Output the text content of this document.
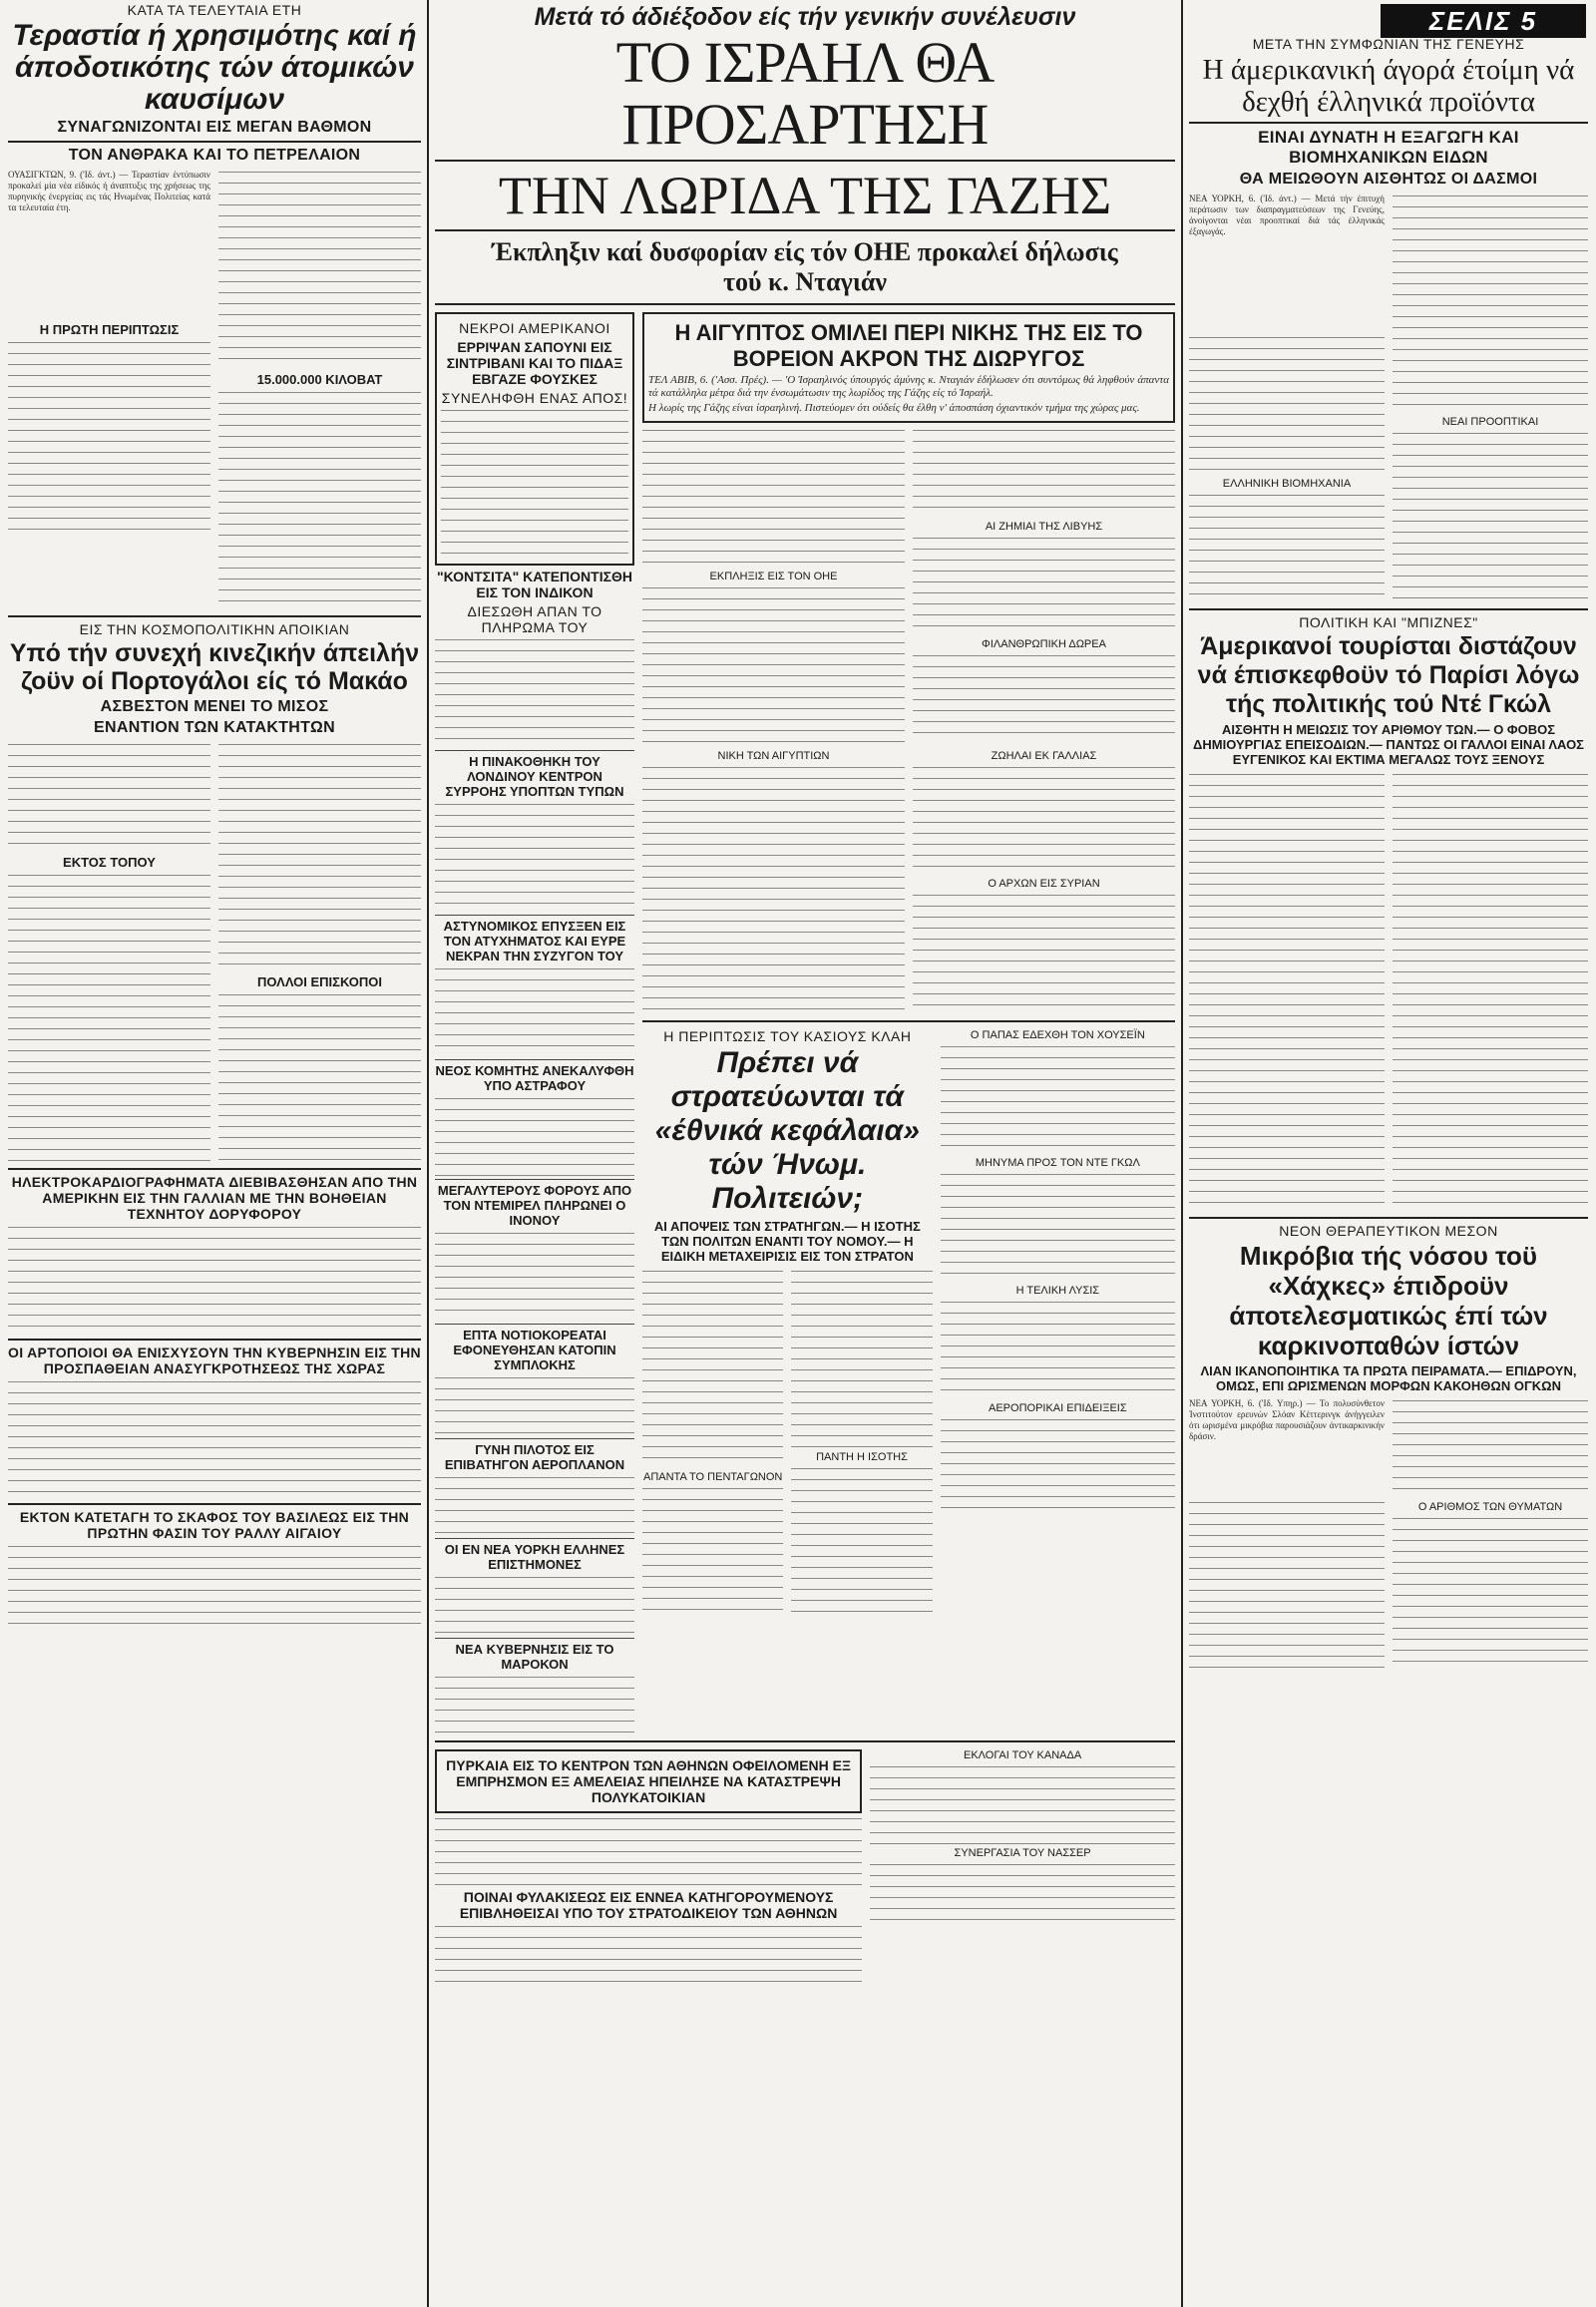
ΣΕΛΙΣ 5
ΚΑΤΑ ΤΑ ΤΕΛΕΥΤΑΙΑ ΕΤΗ
Τεραστία ή χρησιμότης καί ή άποδοτικότης τών άτομικών καυσίμων
ΣΥΝΑΓΩΝΙΖΟΝΤΑΙ ΕΙΣ ΜΕΓΑΝ ΒΑΘΜΟΝ
ΤΟΝ ΑΝΘΡΑΚΑ ΚΑΙ ΤΟ ΠΕΤΡΕΛΑΙΟΝ
ΟΥΑΣΙΓΚΤΩΝ, 9. ('Ιδ. άντ.) — Τεραστίαν έντύπωσιν προκαλεί μία νέα είδικός ή άναπτυξις της χρήσεως της πυρηνικής ένεργείας εις τάς Ηνωμένας Πολιτείας κατά τα τελευταία έτη.
Η ΠΡΩΤΗ ΠΕΡΙΠΤΩΣΙΣ
15.000.000 ΚΙΛΟΒΑΤ
ΕΙΣ ΤΗΝ ΚΟΣΜΟΠΟΛΙΤΙΚΗΝ ΑΠΟΙΚΙΑΝ
Υπό τήν συνεχή κινεζικήν άπειλήν ζοϋν οί Πορτογάλοι είς τό Μακάο
ΑΣΒΕΣΤΟΝ ΜΕΝΕΙ ΤΟ ΜΙΣΟΣ
ΕΝΑΝΤΙΟΝ ΤΩΝ ΚΑΤΑΚΤΗΤΩΝ
ΕΚΤΟΣ ΤΟΠΟΥ
ΠΟΛΛΟΙ ΕΠΙΣΚΟΠΟΙ
ΗΛΕΚΤΡΟΚΑΡΔΙΟΓΡΑΦΗΜΑΤΑ ΔΙΕΒΙΒΑΣΘΗΣΑΝ ΑΠΟ ΤΗΝ ΑΜΕΡΙΚΗΝ ΕΙΣ ΤΗΝ ΓΑΛΛΙΑΝ ΜΕ ΤΗΝ ΒΟΗΘΕΙΑΝ ΤΕΧΝΗΤΟΥ ΔΟΡΥΦΟΡΟΥ
ΟΙ ΑΡΤΟΠΟΙΟΙ ΘΑ ΕΝΙΣΧΥΣΟΥΝ ΤΗΝ ΚΥΒΕΡΝΗΣΙΝ ΕΙΣ ΤΗΝ ΠΡΟΣΠΑΘΕΙΑΝ ΑΝΑΣΥΓΚΡΟΤΗΣΕΩΣ ΤΗΣ ΧΩΡΑΣ
ΕΚΤΟΝ ΚΑΤΕΤΑΓΗ ΤΟ ΣΚΑΦΟΣ ΤΟΥ ΒΑΣΙΛΕΩΣ ΕΙΣ ΤΗΝ ΠΡΩΤΗΝ ΦΑΣΙΝ ΤΟΥ ΡΑΛΛΥ ΑΙΓΑΙΟΥ
Μετά τό άδιέξοδον είς τήν γενικήν συνέλευσιν
ΤΟ ΙΣΡΑΗΛ ΘΑ ΠΡΟΣΑΡΤΗΣΗ
ΤΗΝ ΛΩΡΙΔΑ ΤΗΣ ΓΑΖΗΣ
Έκπληξιν καί δυσφορίαν είς τόν ΟΗΕ προκαλεί δήλωσις τού κ. Νταγιάν
ΝΕΚΡΟΙ ΑΜΕΡΙΚΑΝΟΙ
ΕΡΡΙΨΑΝ ΣΑΠΟΥΝΙ ΕΙΣ ΣΙΝΤΡΙΒΑΝΙ ΚΑΙ ΤΟ ΠΙΔΑΞ ΕΒΓΑΖΕ ΦΟΥΣΚΕΣ
ΣΥΝΕΛΗΦΘΗ ΕΝΑΣ ΑΠΟΣ!
"ΚΟΝΤΣΙΤΑ" ΚΑΤΕΠΟΝΤΙΣΘΗ ΕΙΣ ΤΟΝ ΙΝΔΙΚΟΝ
ΔΙΕΣΩΘΗ ΑΠΑΝ ΤΟ ΠΛΗΡΩΜΑ ΤΟΥ
Η ΠΙΝΑΚΟΘΗΚΗ ΤΟΥ ΛΟΝΔΙΝΟΥ ΚΕΝΤΡΟΝ ΣΥΡΡΟΗΣ ΥΠΟΠΤΩΝ ΤΥΠΩΝ
ΑΣΤΥΝΟΜΙΚΟΣ ΕΠΥΣΞΕΝ ΕΙΣ ΤΟΝ ΑΤΥΧΗΜΑΤΟΣ ΚΑΙ ΕΥΡΕ ΝΕΚΡΑΝ ΤΗΝ ΣΥΖΥΓΟΝ ΤΟΥ
ΝΕΟΣ ΚΟΜΗΤΗΣ ΑΝΕΚΑΛΥΦΘΗ ΥΠΟ ΑΣΤΡΑΦΟΥ
ΜΕΓΑΛΥΤΕΡΟΥΣ ΦΟΡΟΥΣ ΑΠΟ ΤΟΝ ΝΤΕΜΙΡΕΛ ΠΛΗΡΩΝΕΙ Ο ΙΝΟΝΟΥ
ΕΠΤΑ ΝΟΤΙΟΚΟΡΕΑΤΑΙ ΕΦΟΝΕΥΘΗΣΑΝ ΚΑΤΟΠΙΝ ΣΥΜΠΛΟΚΗΣ
ΓΥΝΗ ΠΙΛΟΤΟΣ ΕΙΣ ΕΠΙΒΑΤΗΓΟΝ ΑΕΡΟΠΛΑΝΟΝ
ΟΙ ΕΝ ΝΕΑ ΥΟΡΚΗ ΕΛΛΗΝΕΣ ΕΠΙΣΤΗΜΟΝΕΣ
ΝΕΑ ΚΥΒΕΡΝΗΣΙΣ ΕΙΣ ΤΟ ΜΑΡΟΚΟΝ
Η ΑΙΓΥΠΤΟΣ ΟΜΙΛΕΙ ΠΕΡΙ ΝΙΚΗΣ ΤΗΣ ΕΙΣ ΤΟ ΒΟΡΕΙΟΝ ΑΚΡΟΝ ΤΗΣ ΔΙΩΡΥΓΟΣ
ΤΕΛ ΑΒΙΒ, 6. ('Ασσ. Πρές). — 'Ο Ίσραηλινός ύπουργός άμύνης κ. Νταγιάν έδήλωσεν ότι συντόμως θά ληφθούν άπαντα τά κατάλληλα μέτρα διά την ένσωμάτωσιν της λωρίδος της Γάζης είς τό Ίσραήλ.
Η λωρίς της Γάζης είναι ίσραηλινή. Πιστεύομεν ότι ούδείς θα έλθη ν' άποσπάση όχιαντικόν τμήμα της χώρας μας.
ΕΚΠΛΗΞΙΣ ΕΙΣ ΤΟΝ ΟΗΕ
ΑΙ ΖΗΜΙΑΙ ΤΗΣ ΛΙΒΥΗΣ
ΦΙΛΑΝΘΡΩΠΙΚΗ ΔΩΡΕΑ
ΝΙΚΗ ΤΩΝ ΑΙΓΥΠΤΙΩΝ	ΖΩΗΛΑΙ ΕΚ ΓΑΛΛΙΑΣ
Ο ΑΡΧΩΝ ΕΙΣ ΣΥΡΙΑΝ
Η ΠΕΡΙΠΤΩΣΙΣ ΤΟΥ ΚΑΣΙΟΥΣ ΚΛΑΗ
Πρέπει νά στρατεύωνται τά «έθνικά κεφάλαια» τών Ήνωμ. Πολιτειών;
ΑΙ ΑΠΟΨΕΙΣ ΤΩΝ ΣΤΡΑΤΗΓΩΝ.— Η ΙΣΟΤΗΣ ΤΩΝ ΠΟΛΙΤΩΝ ΕΝΑΝΤΙ ΤΟΥ ΝΟΜΟΥ.— Η ΕΙΔΙΚΗ ΜΕΤΑΧΕΙΡΙΣΙΣ ΕΙΣ ΤΟΝ ΣΤΡΑΤΟΝ
ΑΠΑΝΤΑ ΤΟ ΠΕΝΤΑΓΩΝΟΝ
ΠΑΝΤΗ Η ΙΣΟΤΗΣ
Ο ΠΑΠΑΣ ΕΔΕΧΘΗ ΤΟΝ ΧΟΥΣΕΪΝ
ΜΗΝΥΜΑ ΠΡΟΣ ΤΟΝ ΝΤΕ ΓΚΩΛ
Η ΤΕΛΙΚΗ ΛΥΣΙΣ
ΑΕΡΟΠΟΡΙΚΑΙ ΕΠΙΔΕΙΞΕΙΣ
ΠΥΡΚΑΙΑ ΕΙΣ ΤΟ ΚΕΝΤΡΟΝ ΤΩΝ ΑΘΗΝΩΝ ΟΦΕΙΛΟΜΕΝΗ ΕΞ ΕΜΠΡΗΣΜΟΝ ΕΞ ΑΜΕΛΕΙΑΣ ΗΠΕΙΛΗΣΕ ΝΑ ΚΑΤΑΣΤΡΕΨΗ ΠΟΛΥΚΑΤΟΙΚΙΑΝ
ΠΟΙΝΑΙ ΦΥΛΑΚΙΣΕΩΣ ΕΙΣ ΕΝΝΕΑ ΚΑΤΗΓΟΡΟΥΜΕΝΟΥΣ ΕΠΙΒΛΗΘΕΙΣΑΙ ΥΠΟ ΤΟΥ ΣΤΡΑΤΟΔΙΚΕΙΟΥ ΤΩΝ ΑΘΗΝΩΝ
ΕΚΛΟΓΑΙ ΤΟΥ ΚΑΝΑΔΑ
ΣΥΝΕΡΓΑΣΙΑ ΤΟΥ ΝΑΣΣΕΡ
ΜΕΤΑ ΤΗΝ ΣΥΜΦΩΝΙΑΝ ΤΗΣ ΓΕΝΕΥΗΣ
Η άμερικανική άγορά έτοίμη νά δεχθή έλληνικά προϊόντα
ΕΙΝΑΙ ΔΥΝΑΤΗ Η ΕΞΑΓΩΓΗ ΚΑΙ ΒΙΟΜΗΧΑΝΙΚΩΝ ΕΙΔΩΝ
ΘΑ ΜΕΙΩΘΟΥΝ ΑΙΣΘΗΤΩΣ ΟΙ ΔΑΣΜΟΙ
ΝΕΑ ΥΟΡΚΗ, 6. ('Ιδ. άντ.) — Μετά τήν έπιτυχή περάτωσιν των διαπραγματεύσεων της Γενεύης, άνοίγονται νέαι προοπτικαί διά τάς έλληνικάς έξαγωγάς.
ΕΛΛΗΝΙΚΗ ΒΙΟΜΗΧΑΝΙΑ
ΝΕΑΙ ΠΡΟΟΠΤΙΚΑΙ
ΠΟΛΙΤΙΚΗ ΚΑΙ "ΜΠΙΖΝΕΣ"
Άμερικανοί τουρίσται διστάζουν νά έπισκεφθοϋν τό Παρίσι λόγω τής πολιτικής τού Ντέ Γκώλ
ΑΙΣΘΗΤΗ Η ΜΕΙΩΣΙΣ ΤΟΥ ΑΡΙΘΜΟΥ ΤΩΝ.— Ο ΦΟΒΟΣ ΔΗΜΙΟΥΡΓΙΑΣ ΕΠΕΙΣΟΔΙΩΝ.— ΠΑΝΤΩΣ ΟΙ ΓΑΛΛΟΙ ΕΙΝΑΙ ΛΑΟΣ ΕΥΓΕΝΙΚΟΣ ΚΑΙ ΕΚΤΙΜΑ ΜΕΓΑΛΩΣ ΤΟΥΣ ΞΕΝΟΥΣ
ΝΕΟΝ ΘΕΡΑΠΕΥΤΙΚΟΝ ΜΕΣΟΝ
Μικρόβια τής νόσου τοϋ «Χάχκες» έπιδροϋν άποτελεσματικώς έπί τών καρκινοπαθών ίστών
ΛΙΑΝ ΙΚΑΝΟΠΟΙΗΤΙΚΑ ΤΑ ΠΡΩΤΑ ΠΕΙΡΑΜΑΤΑ.— ΕΠΙΔΡΟΥΝ, ΟΜΩΣ, ΕΠΙ ΩΡΙΣΜΕΝΩΝ ΜΟΡΦΩΝ ΚΑΚΟΗΘΩΝ ΟΓΚΩΝ
ΝΕΑ ΥΟΡΚΗ, 6. ('Ιδ. Υπηρ.) — Το πολυσύνθετον Ίνστιτούτον ερευνών Σλόαν Κέττερινγκ άνήγγειλεν ότι ωρισμένα μικρόβια παρουσιάζουν άντικαρκινικήν δράσιν.
Ο ΑΡΙΘΜΟΣ ΤΩΝ ΘΥΜΑΤΩΝ
